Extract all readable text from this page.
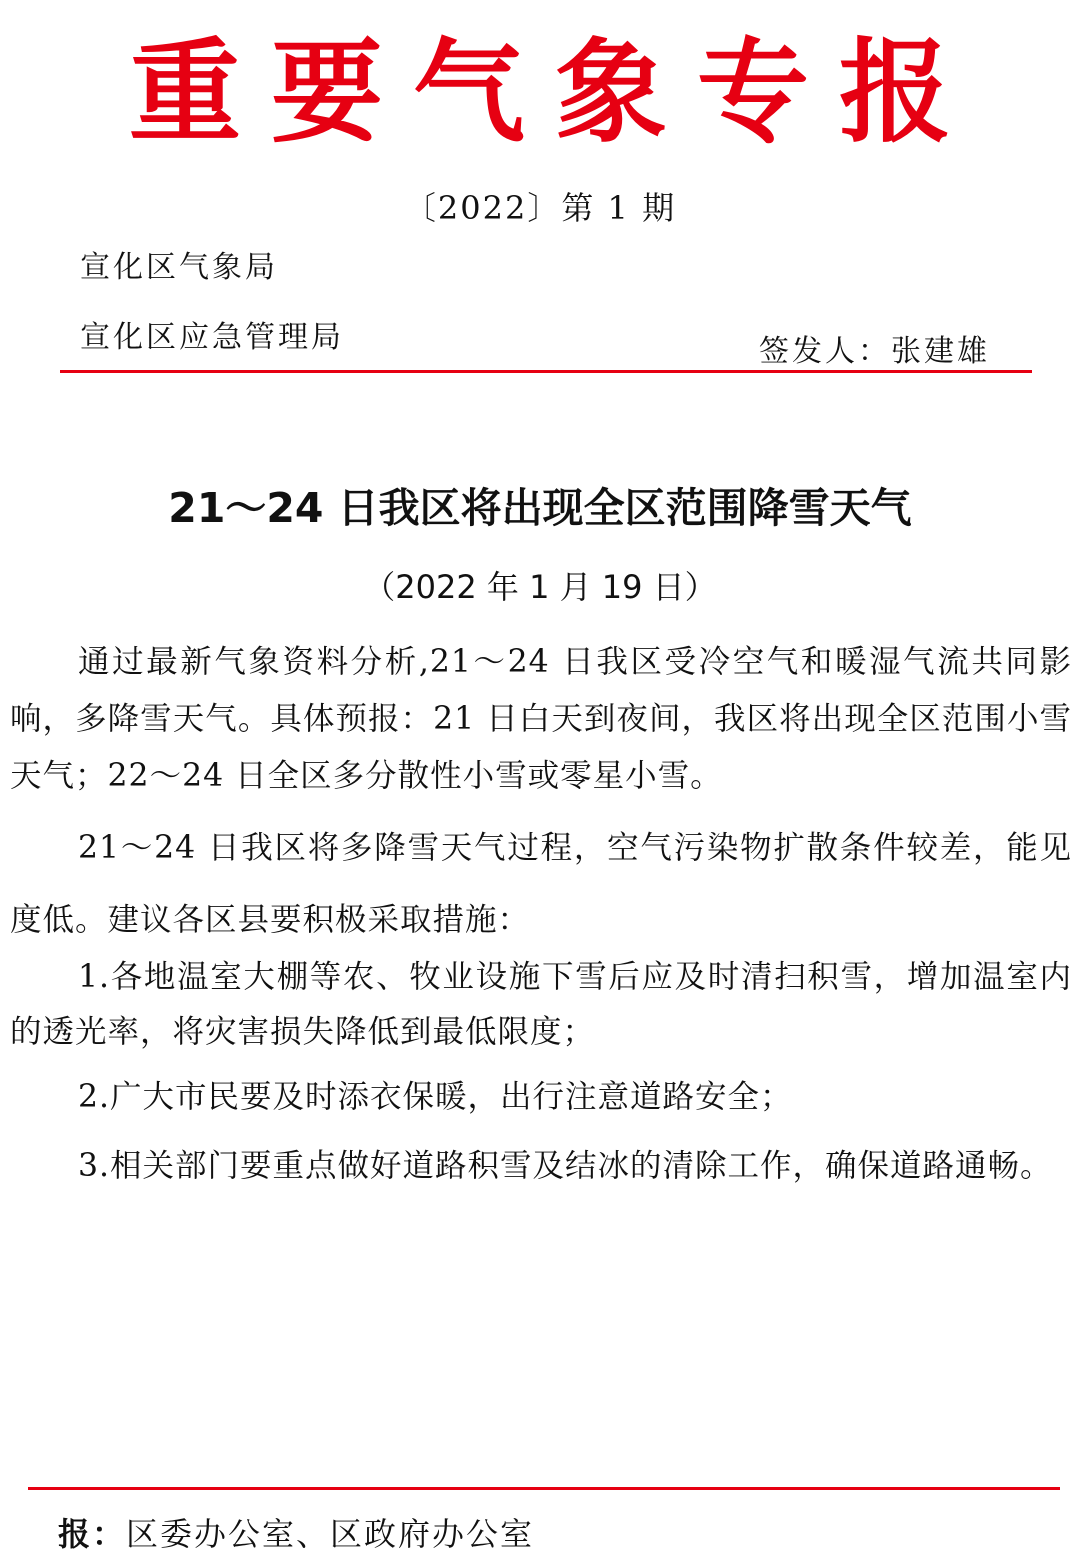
重要气象专报
〔2022〕第 1 期
宣化区气象局
宣化区应急管理局	签发人：张建雄
21～24 日我区将出现全区范围降雪天气
（2022 年 1 月 19 日）

通过最新气象资料分析,21～24 日我区受冷空气和暖湿气流共同影响，多降雪天气。具体预报：21 日白天到夜间，我区将出现全区范围小雪天气；22～24 日全区多分散性小雪或零星小雪。

21～24 日我区将多降雪天气过程，空气污染物扩散条件较差，能见度低。建议各区县要积极采取措施：

1.各地温室大棚等农、牧业设施下雪后应及时清扫积雪，增加温室内的透光率，将灾害损失降低到最低限度；

2.广大市民要及时添衣保暖，出行注意道路安全；

3.相关部门要重点做好道路积雪及结冰的清除工作，确保道路通畅。

报：区委办公室、区政府办公室
